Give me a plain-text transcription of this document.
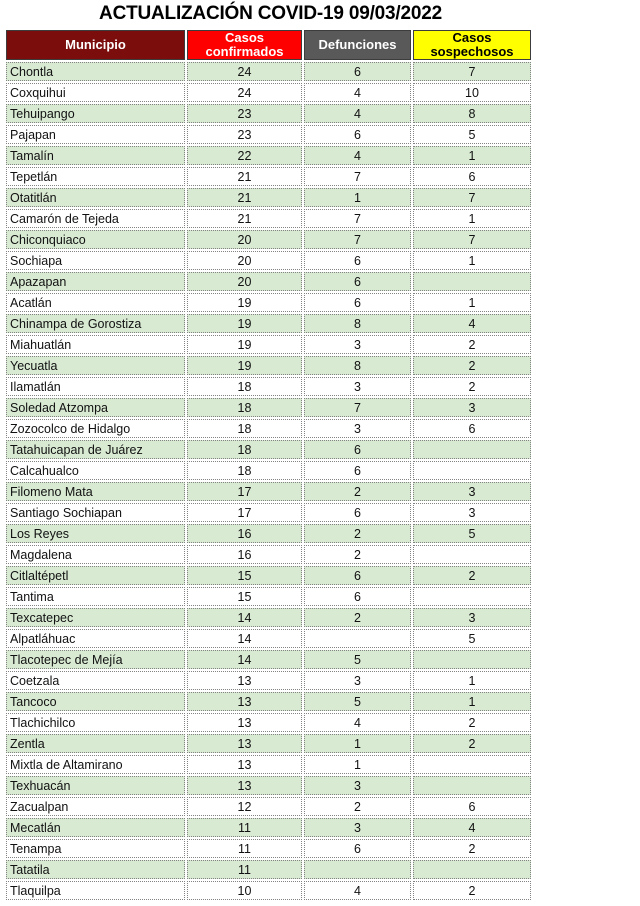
ACTUALIZACIÓN COVID-19 09/03/2022
Municipio	Casos confirmados	Defunciones	Casos sospechosos
Chontla	24	6	7
Coxquihui	24	4	10
Tehuipango	23	4	8
Pajapan	23	6	5
Tamalín	22	4	1
Tepetlán	21	7	6
Otatitlán	21	1	7
Camarón de Tejeda	21	7	1
Chiconquiaco	20	7	7
Sochiapa	20	6	1
Apazapan	20	6	
Acatlán	19	6	1
Chinampa de Gorostiza	19	8	4
Miahuatlán	19	3	2
Yecuatla	19	8	2
Ilamatlán	18	3	2
Soledad Atzompa	18	7	3
Zozocolco de Hidalgo	18	3	6
Tatahuicapan de Juárez	18	6	
Calcahualco	18	6	
Filomeno Mata	17	2	3
Santiago Sochiapan	17	6	3
Los Reyes	16	2	5
Magdalena	16	2	
Citlaltépetl	15	6	2
Tantima	15	6	
Texcatepec	14	2	3
Alpatláhuac	14		5
Tlacotepec de Mejía	14	5	
Coetzala	13	3	1
Tancoco	13	5	1
Tlachichilco	13	4	2
Zentla	13	1	2
Mixtla de Altamirano	13	1	
Texhuacán	13	3	
Zacualpan	12	2	6
Mecatlán	11	3	4
Tenampa	11	6	2
Tatatila	11		
Tlaquilpa	10	4	2
